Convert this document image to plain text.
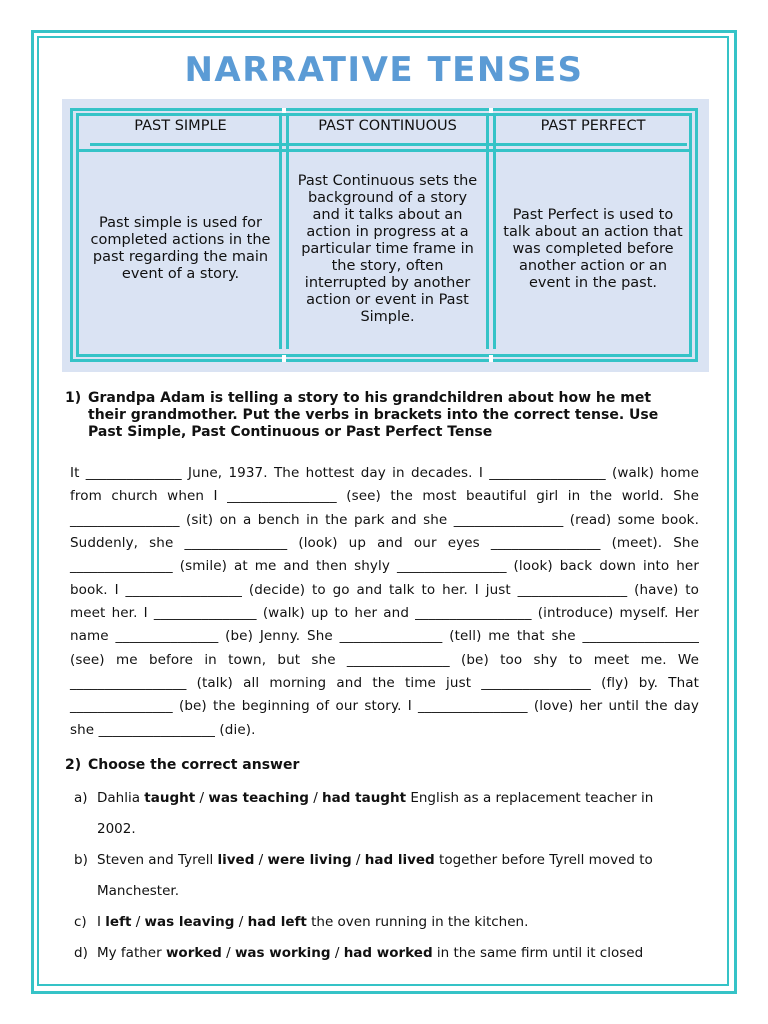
NARRATIVE TENSES
PAST SIMPLE	PAST CONTINUOUS	PAST PERFECT
Past simple is used for completed actions in the past regarding the main event of a story.
Past Continuous sets the background of a story and it talks about an action in progress at a particular time frame in the story, often interrupted by another action or event in Past Simple.
Past Perfect is used to talk about an action that was completed before another action or an event in the past.
1) Grandpa Adam is telling a story to his grandchildren about how he met their grandmother. Put the verbs in brackets into the correct tense. Use Past Simple, Past Continuous or Past Perfect Tense
It ______________ June, 1937. The hottest day in decades. I _________________ (walk) home from church when I ________________ (see) the most beautiful girl in the world. She ________________ (sit) on a bench in the park and she ________________ (read) some book. Suddenly, she _______________ (look) up and our eyes ________________ (meet). She _______________ (smile) at me and then shyly ________________ (look) back down into her book. I _________________ (decide) to go and talk to her. I just ________________ (have) to meet her. I _______________ (walk) up to her and _________________ (introduce) myself. Her name _______________ (be) Jenny. She _______________ (tell) me that she _________________ (see) me before in town, but she _______________ (be) too shy to meet me. We _________________ (talk) all morning and the time just ________________ (fly) by. That _______________ (be) the beginning of our story. I ________________ (love) her until the day she _________________ (die).
2) Choose the correct answer
a) Dahlia taught / was teaching / had taught English as a replacement teacher in
2002.
b) Steven and Tyrell lived / were living / had lived together before Tyrell moved to
Manchester.
c) I left / was leaving / had left the oven running in the kitchen.
d) My father worked / was working / had worked in the same firm until it closed
